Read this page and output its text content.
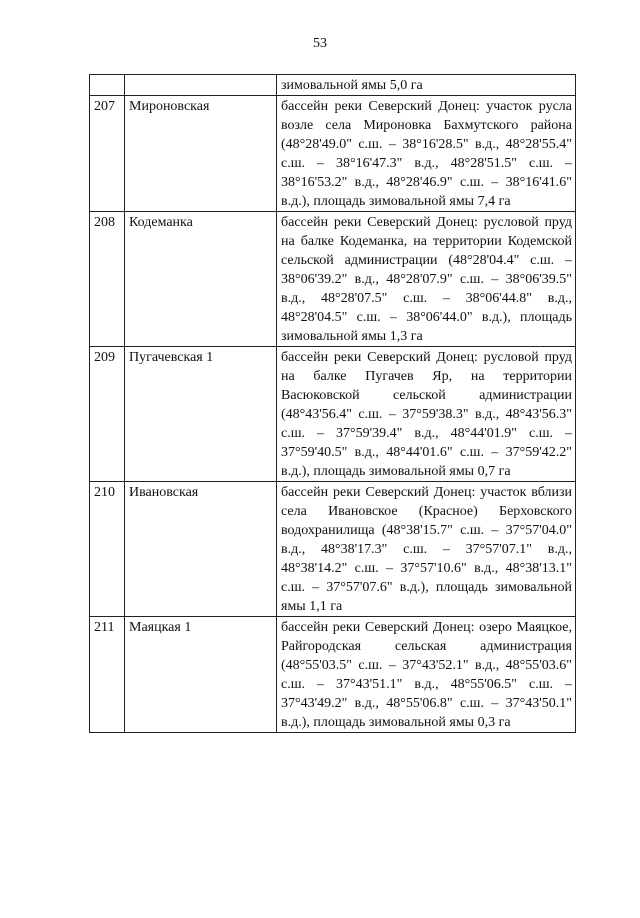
53
		зимовальной ямы 5,0 га
207	Мироновская	бассейн реки Северский Донец: участок русла возле села Мироновка Бахмутского района (48°28'49.0" с.ш. – 38°16'28.5" в.д., 48°28'55.4" с.ш. – 38°16'47.3" в.д., 48°28'51.5" с.ш. – 38°16'53.2" в.д., 48°28'46.9" с.ш. – 38°16'41.6" в.д.), площадь зимовальной ямы 7,4 га
208	Кодеманка	бассейн реки Северский Донец: русловой пруд на балке Кодеманка, на территории Кодемской сельской администрации (48°28'04.4" с.ш. – 38°06'39.2" в.д., 48°28'07.9" с.ш. – 38°06'39.5" в.д., 48°28'07.5" с.ш. – 38°06'44.8" в.д., 48°28'04.5" с.ш. – 38°06'44.0" в.д.), площадь зимовальной ямы 1,3 га
209	Пугачевская 1	бассейн реки Северский Донец: русловой пруд на балке Пугачев Яр, на территории Васюковской сельской администрации (48°43'56.4" с.ш. – 37°59'38.3" в.д., 48°43'56.3" с.ш. – 37°59'39.4" в.д., 48°44'01.9" с.ш. – 37°59'40.5" в.д., 48°44'01.6" с.ш. – 37°59'42.2" в.д.), площадь зимовальной ямы 0,7 га
210	Ивановская	бассейн реки Северский Донец: участок вблизи села Ивановское (Красное) Берховского водохранилища (48°38'15.7" с.ш. – 37°57'04.0" в.д., 48°38'17.3" с.ш. – 37°57'07.1" в.д., 48°38'14.2" с.ш. – 37°57'10.6" в.д., 48°38'13.1" с.ш. – 37°57'07.6" в.д.), площадь зимовальной ямы 1,1 га
211	Маяцкая 1	бассейн реки Северский Донец: озеро Маяцкое, Райгородская сельская администрация (48°55'03.5" с.ш. – 37°43'52.1" в.д., 48°55'03.6" с.ш. – 37°43'51.1" в.д., 48°55'06.5" с.ш. – 37°43'49.2" в.д., 48°55'06.8" с.ш. – 37°43'50.1" в.д.), площадь зимовальной ямы 0,3 га
